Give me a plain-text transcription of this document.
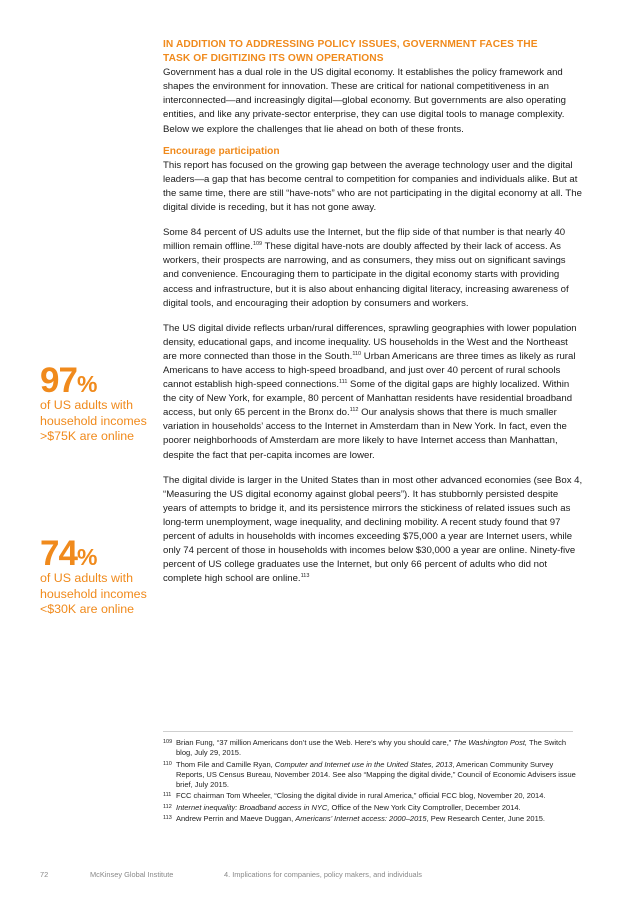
IN ADDITION TO ADDRESSING POLICY ISSUES, GOVERNMENT FACES THE
TASK OF DIGITIZING ITS OWN OPERATIONS

Government has a dual role in the US digital economy. It establishes the policy framework and shapes the environment for innovation. These are critical for national competitiveness in an interconnected—and increasingly digital—global economy. But governments are also operating entities, and like any private-sector enterprise, they can use digital tools to manage complexity. Below we explore the challenges that lie ahead on both of these fronts.

Encourage participation

This report has focused on the growing gap between the average technology user and the digital leaders—a gap that has become central to competition for companies and individuals alike. But at the same time, there are still “have-nots” who are not participating in the digital economy at all. The digital divide is receding, but it has not gone away.

Some 84 percent of US adults use the Internet, but the flip side of that number is that nearly 40 million remain offline.$^{109}$ These digital have-nots are doubly affected by their lack of access. As workers, their prospects are narrowing, and as consumers, they miss out on significant savings and convenience. Encouraging them to participate in the digital economy starts with providing access and infrastructure, but it is also about enhancing digital literacy, increasing awareness of digital tools, and encouraging their adoption by consumers and workers.

The US digital divide reflects urban/rural differences, sprawling geographies with lower population density, educational gaps, and income inequality. US households in the West and the Northeast are more connected than those in the South.$^{110}$ Urban Americans are three times as likely as rural Americans to have access to high-speed broadband, and just over 40 percent of rural schools cannot establish high-speed connections.$^{111}$ Some of the digital gaps are highly localized. Within the city of New York, for example, 80 percent of Manhattan residents have residential broadband access, but only 65 percent in the Bronx do.$^{112}$ Our analysis shows that there is much smaller variation in households’ access to the Internet in Amsterdam than in New York. In fact, even the poorer neighborhoods of Amsterdam are more likely to have Internet access than Manhattan, despite the fact that per-capita incomes are lower.

The digital divide is larger in the United States than in most other advanced economies (see Box 4, “Measuring the US digital economy against global peers”). It has stubbornly persisted despite years of attempts to bridge it, and its persistence mirrors the stickiness of related issues such as long-term unemployment, wage inequality, and declining mobility. A recent study found that 97 percent of adults in households with incomes exceeding $75,000 a year are Internet users, while only 74 percent of those in households with incomes below $30,000 a year are online. Ninety-five percent of US college graduates use the Internet, but only 66 percent of adults who did not complete high school are online.$^{113}$

97%
of US adults with household incomes >$75K are online
74%
of US adults with household incomes <$30K are online
109 Brian Fung, “37 million Americans don’t use the Web. Here’s why you should care,” The Washington Post, The Switch blog, July 29, 2015.
110 Thom File and Camille Ryan, Computer and Internet use in the United States, 2013, American Community Survey Reports, US Census Bureau, November 2014. See also “Mapping the digital divide,” Council of Economic Advisers issue brief, July 2015.
111 FCC chairman Tom Wheeler, “Closing the digital divide in rural America,” official FCC blog, November 20, 2014.
112 Internet inequality: Broadband access in NYC, Office of the New York City Comptroller, December 2014.
113 Andrew Perrin and Maeve Duggan, Americans’ Internet access: 2000–2015, Pew Research Center, June 2015.
72	McKinsey Global Institute	4. Implications for companies, policy makers, and individuals
